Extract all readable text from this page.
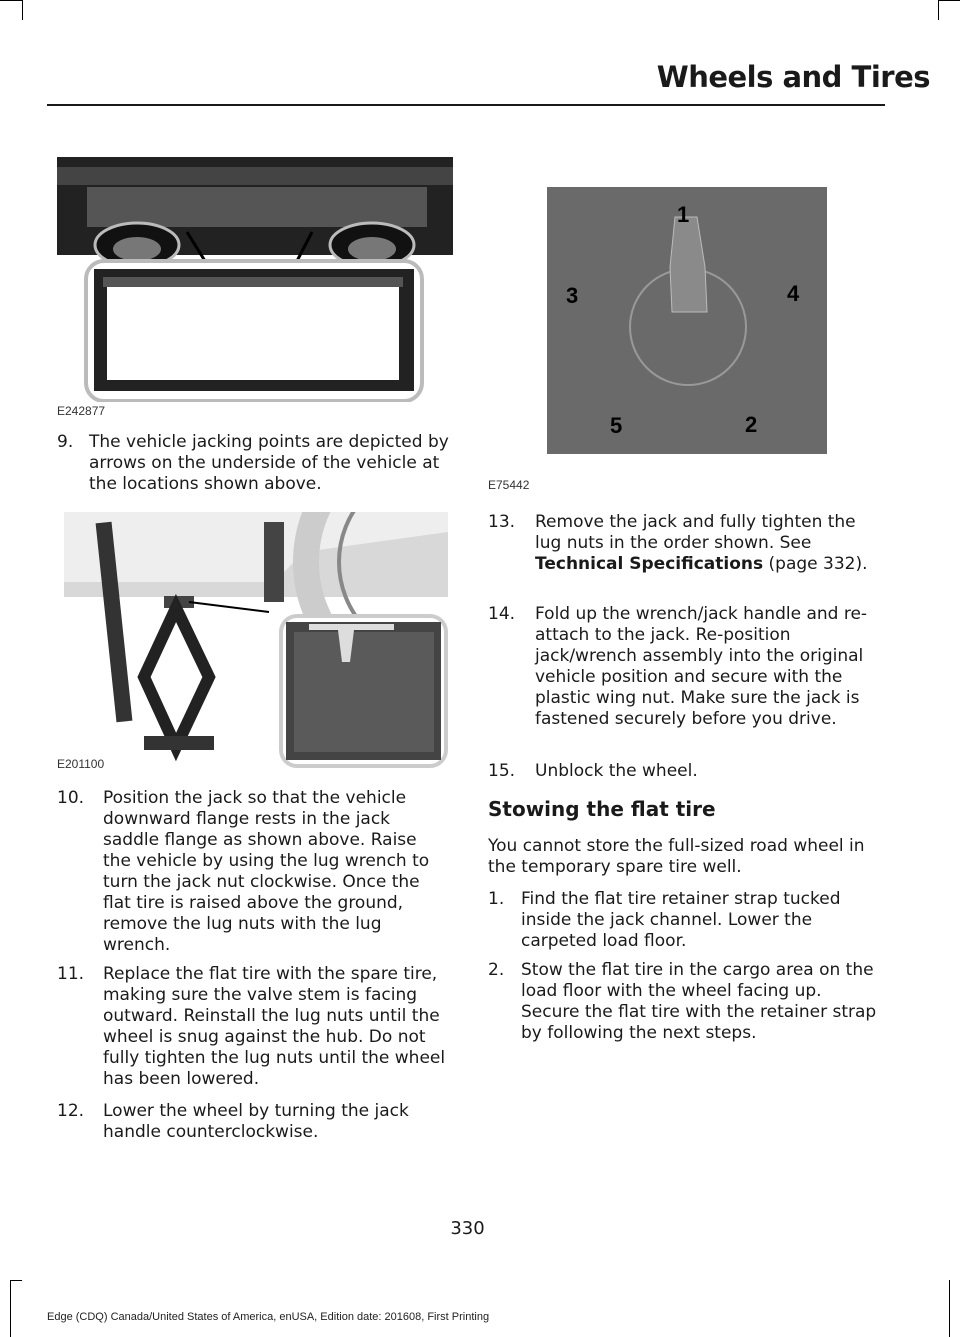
Wheels and Tires
E242877
9. The vehicle jacking points are depicted by arrows on the underside of the vehicle at the locations shown above.
E201100
10. Position the jack so that the vehicle downward flange rests in the jack saddle flange as shown above. Raise the vehicle by using the lug wrench to turn the jack nut clockwise. Once the flat tire is raised above the ground, remove the lug nuts with the lug wrench.
11. Replace the flat tire with the spare tire, making sure the valve stem is facing outward. Reinstall the lug nuts until the wheel is snug against the hub. Do not fully tighten the lug nuts until the wheel has been lowered.
12. Lower the wheel by turning the jack handle counterclockwise.
1
2
3	4
5
E75442
13. Remove the jack and fully tighten the lug nuts in the order shown. See Technical Specifications (page 332).
14. Fold up the wrench/jack handle and re-attach to the jack. Re-position jack/wrench assembly into the original vehicle position and secure with the plastic wing nut. Make sure the jack is fastened securely before you drive.
15. Unblock the wheel.
Stowing the flat tire
You cannot store the full-sized road wheel in the temporary spare tire well.
1. Find the flat tire retainer strap tucked inside the jack channel. Lower the carpeted load floor.
2. Stow the flat tire in the cargo area on the load floor with the wheel facing up. Secure the flat tire with the retainer strap by following the next steps.
330
Edge (CDQ) Canada/United States of America, enUSA, Edition date: 201608, First Printing
